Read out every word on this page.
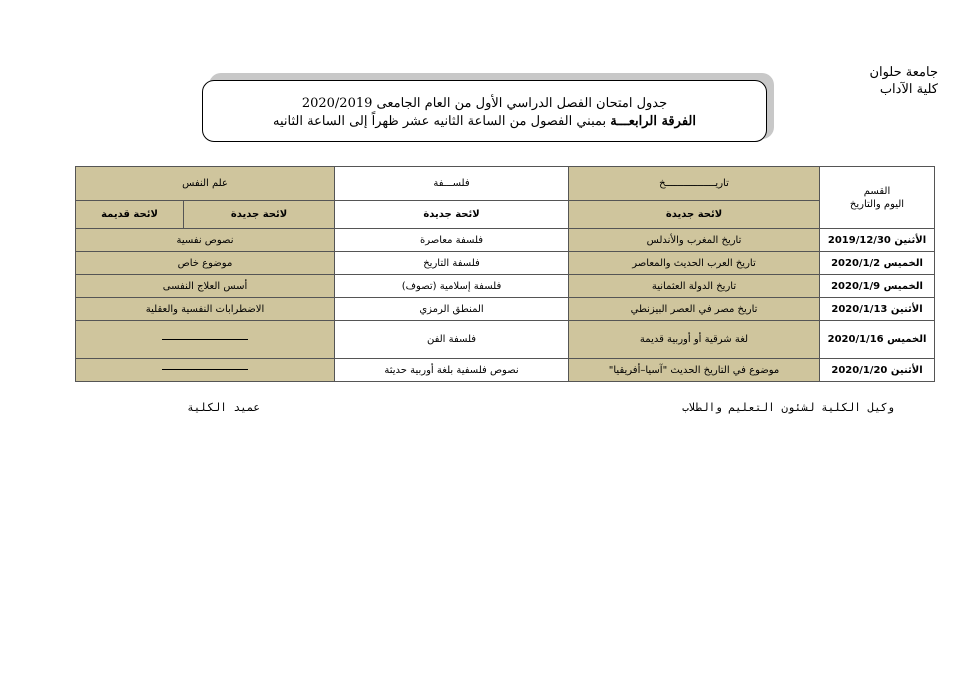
جامعة حلوان
كلية الآداب
جدول امتحان الفصل الدراسي الأول من العام الجامعى 2020/2019
الفرقة الرابعـــة بمبني الفصول من الساعة الثانيه عشر ظهراً إلى الساعة الثانيه
القسم
اليوم والتاريخ	تاريـــــــــــــــــخ	فلســـفة	علم النفس	
	لائحة جديدة	لائحة جديدة	لائحة جديدة	لائحة قديمة
الأثنين 2019/12/30	تاريخ المغرب والأندلس	فلسفة معاصرة	نصوص نفسية	
الخميس 2020/1/2	تاريخ العرب الحديث والمعاصر	فلسفة التاريخ	موضوع خاص	
الخميس 2020/1/9	تاريخ الدولة العثمانية	فلسفة إسلامية (تصوف)	أسس العلاج النفسى	
الأثنين 2020/1/13	تاريخ مصر في العصر البيزنطي	المنطق الرمزي	الاضطرابات النفسية والعقلية	
الخميس 2020/1/16	لغة شرقية أو أوربية قديمة	فلسفة الفن		
الأثنين 2020/1/20	موضوع في التاريخ الحديث "آسيا–أفريقيا"	نصوص فلسفية بلغة أوربية حديثة		
وكيل الكلية لشئون التعليم والطلاب
عميد الكلية
